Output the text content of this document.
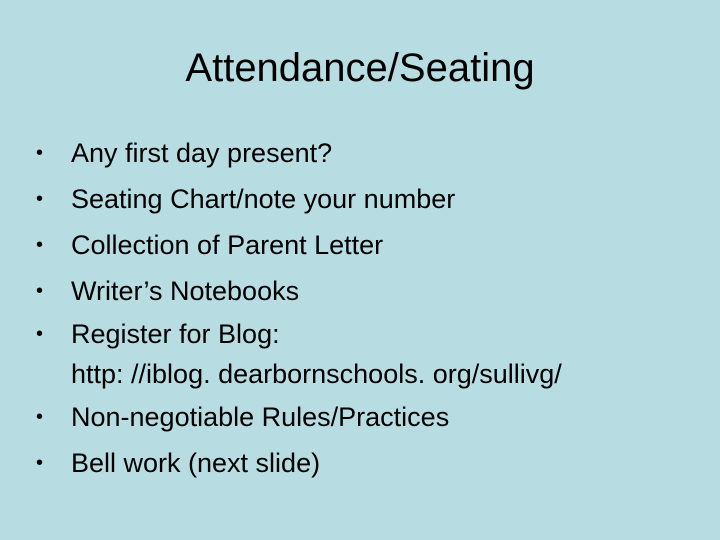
Attendance/Seating
•	Any first day present?
•	Seating Chart/note your number
•	Collection of Parent Letter
•	Writer’s Notebooks
•	Register for Blog:
http: //iblog. dearbornschools. org/sullivg/
•	Non-negotiable Rules/Practices
•	Bell work (next slide)
